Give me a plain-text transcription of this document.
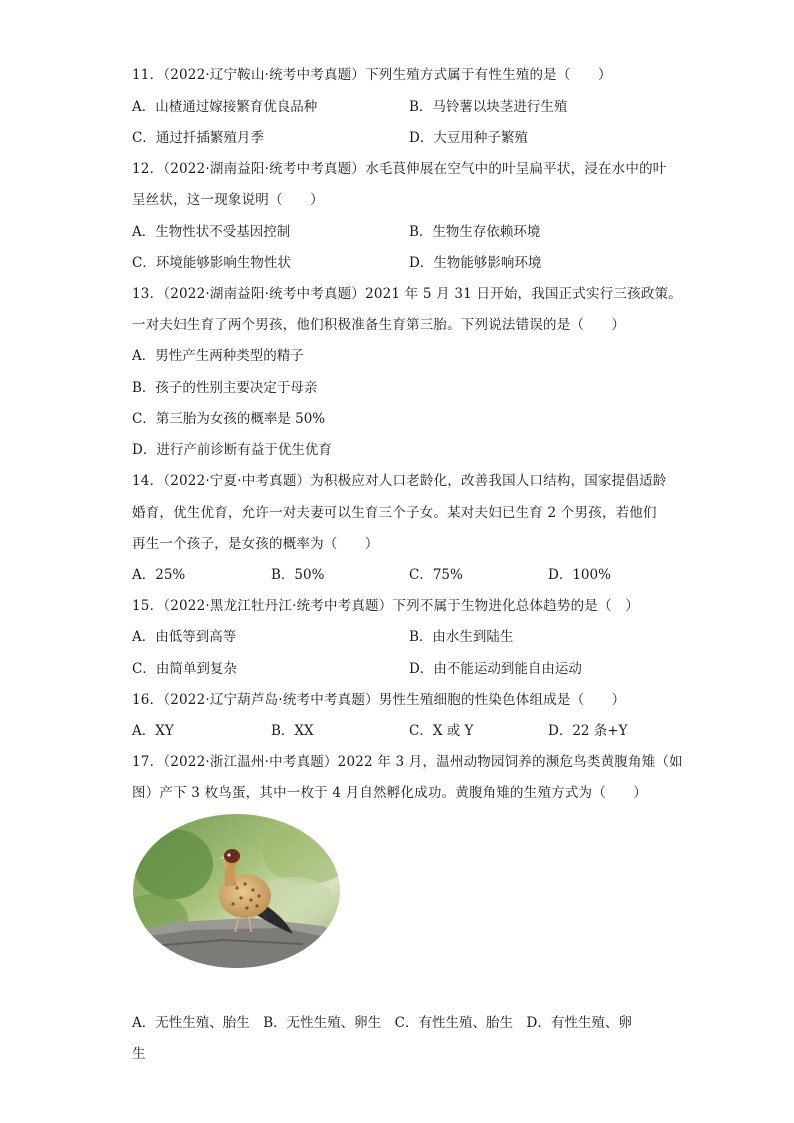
11．（2022·辽宁鞍山·统考中考真题）下列生殖方式属于有性生殖的是（　　）
A．山楂通过嫁接繁育优良品种	B．马铃薯以块茎进行生殖
C．通过扦插繁殖月季	D．大豆用种子繁殖
12．（2022·湖南益阳·统考中考真题）水毛茛伸展在空气中的叶呈扁平状，浸在水中的叶
呈丝状，这一现象说明（　　）
A．生物性状不受基因控制	B．生物生存依赖环境
C．环境能够影响生物性状	D．生物能够影响环境
13．（2022·湖南益阳·统考中考真题）2021 年 5 月 31 日开始，我国正式实行三孩政策。
一对夫妇生育了两个男孩，他们积极准备生育第三胎。下列说法错误的是（　　）
A．男性产生两种类型的精子
B．孩子的性别主要决定于母亲
C．第三胎为女孩的概率是 50%
D．进行产前诊断有益于优生优育
14．（2022·宁夏·中考真题）为积极应对人口老龄化，改善我国人口结构，国家提倡适龄
婚育，优生优育，允许一对夫妻可以生育三个子女。某对夫妇已生育 2 个男孩，若他们
再生一个孩子，是女孩的概率为（　　）
A．25%	B．50%	C．75%	D．100%
15．（2022·黑龙江牡丹江·统考中考真题）下列不属于生物进化总体趋势的是（　）
A．由低等到高等	B．由水生到陆生
C．由简单到复杂	D．由不能运动到能自由运动
16．（2022·辽宁葫芦岛·统考中考真题）男性生殖细胞的性染色体组成是（　　）
A．XY	B．XX	C．X 或 Y	D．22 条+Y
17．（2022·浙江温州·中考真题）2022 年 3 月，温州动物园饲养的濒危鸟类黄腹角雉（如
图）产下 3 枚鸟蛋，其中一枚于 4 月自然孵化成功。黄腹角雉的生殖方式为（　　）
A．无性生殖、胎生　B．无性生殖、卵生　C．有性生殖、胎生　D．有性生殖、卵
生
